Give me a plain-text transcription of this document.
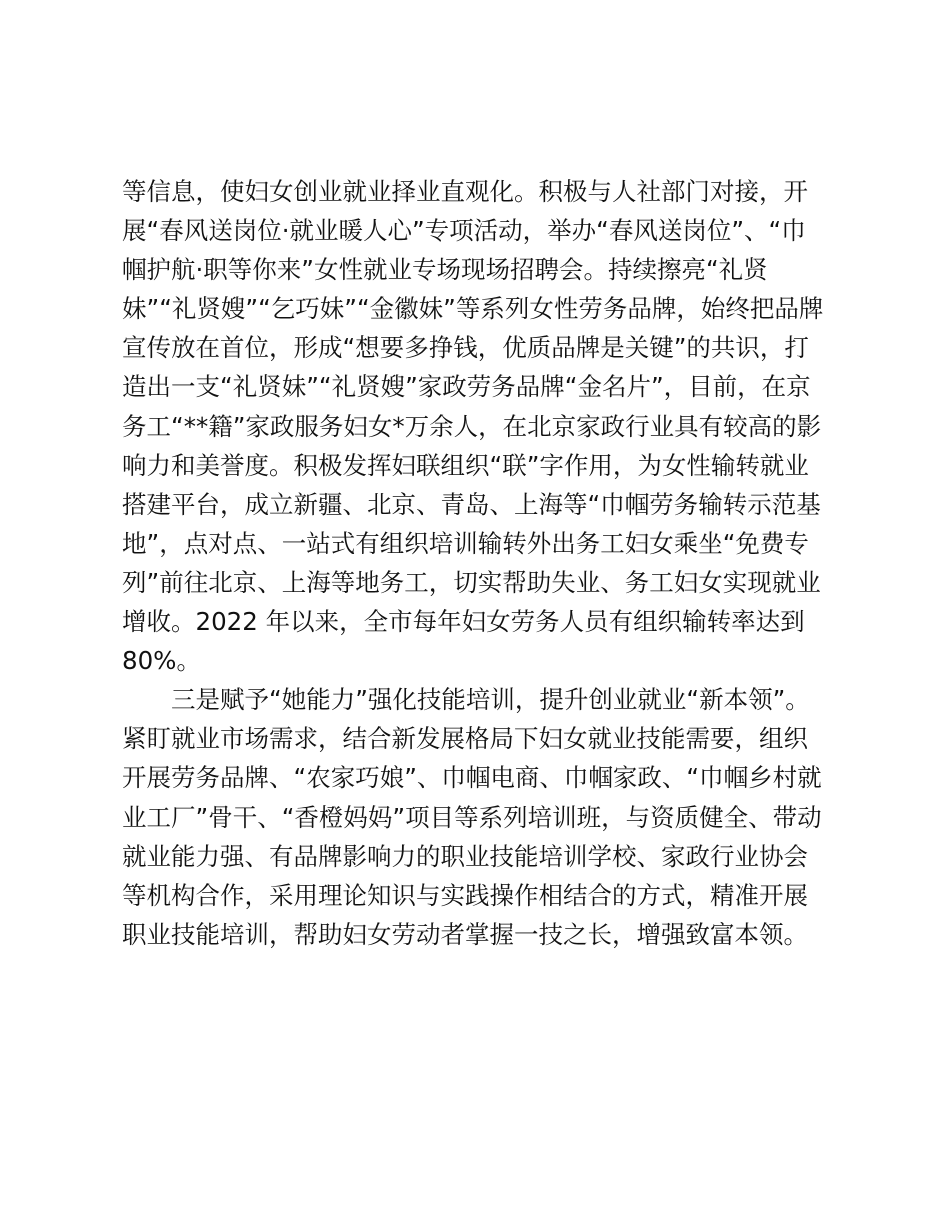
等信息，使妇女创业就业择业直观化。积极与人社部门对接，开
展“春风送岗位·就业暖人心”专项活动，举办“春风送岗位”、“巾
帼护航·职等你来”女性就业专场现场招聘会。持续擦亮“礼贤
妹”“礼贤嫂”“乞巧妹”“金徽妹”等系列女性劳务品牌，始终把品牌
宣传放在首位，形成“想要多挣钱，优质品牌是关键”的共识，打
造出一支“礼贤妹”“礼贤嫂”家政劳务品牌“金名片”，目前，在京
务工“**籍”家政服务妇女*万余人，在北京家政行业具有较高的影
响力和美誉度。积极发挥妇联组织“联”字作用，为女性输转就业
搭建平台，成立新疆、北京、青岛、上海等“巾帼劳务输转示范基
地”，点对点、一站式有组织培训输转外出务工妇女乘坐“免费专
列”前往北京、上海等地务工，切实帮助失业、务工妇女实现就业
增收。2022 年以来，全市每年妇女劳务人员有组织输转率达到
80%。
三是赋予“她能力”强化技能培训，提升创业就业“新本领”。
紧盯就业市场需求，结合新发展格局下妇女就业技能需要，组织
开展劳务品牌、“农家巧娘”、巾帼电商、巾帼家政、“巾帼乡村就
业工厂”骨干、“香橙妈妈”项目等系列培训班，与资质健全、带动
就业能力强、有品牌影响力的职业技能培训学校、家政行业协会
等机构合作，采用理论知识与实践操作相结合的方式，精准开展
职业技能培训，帮助妇女劳动者掌握一技之长，增强致富本领。
